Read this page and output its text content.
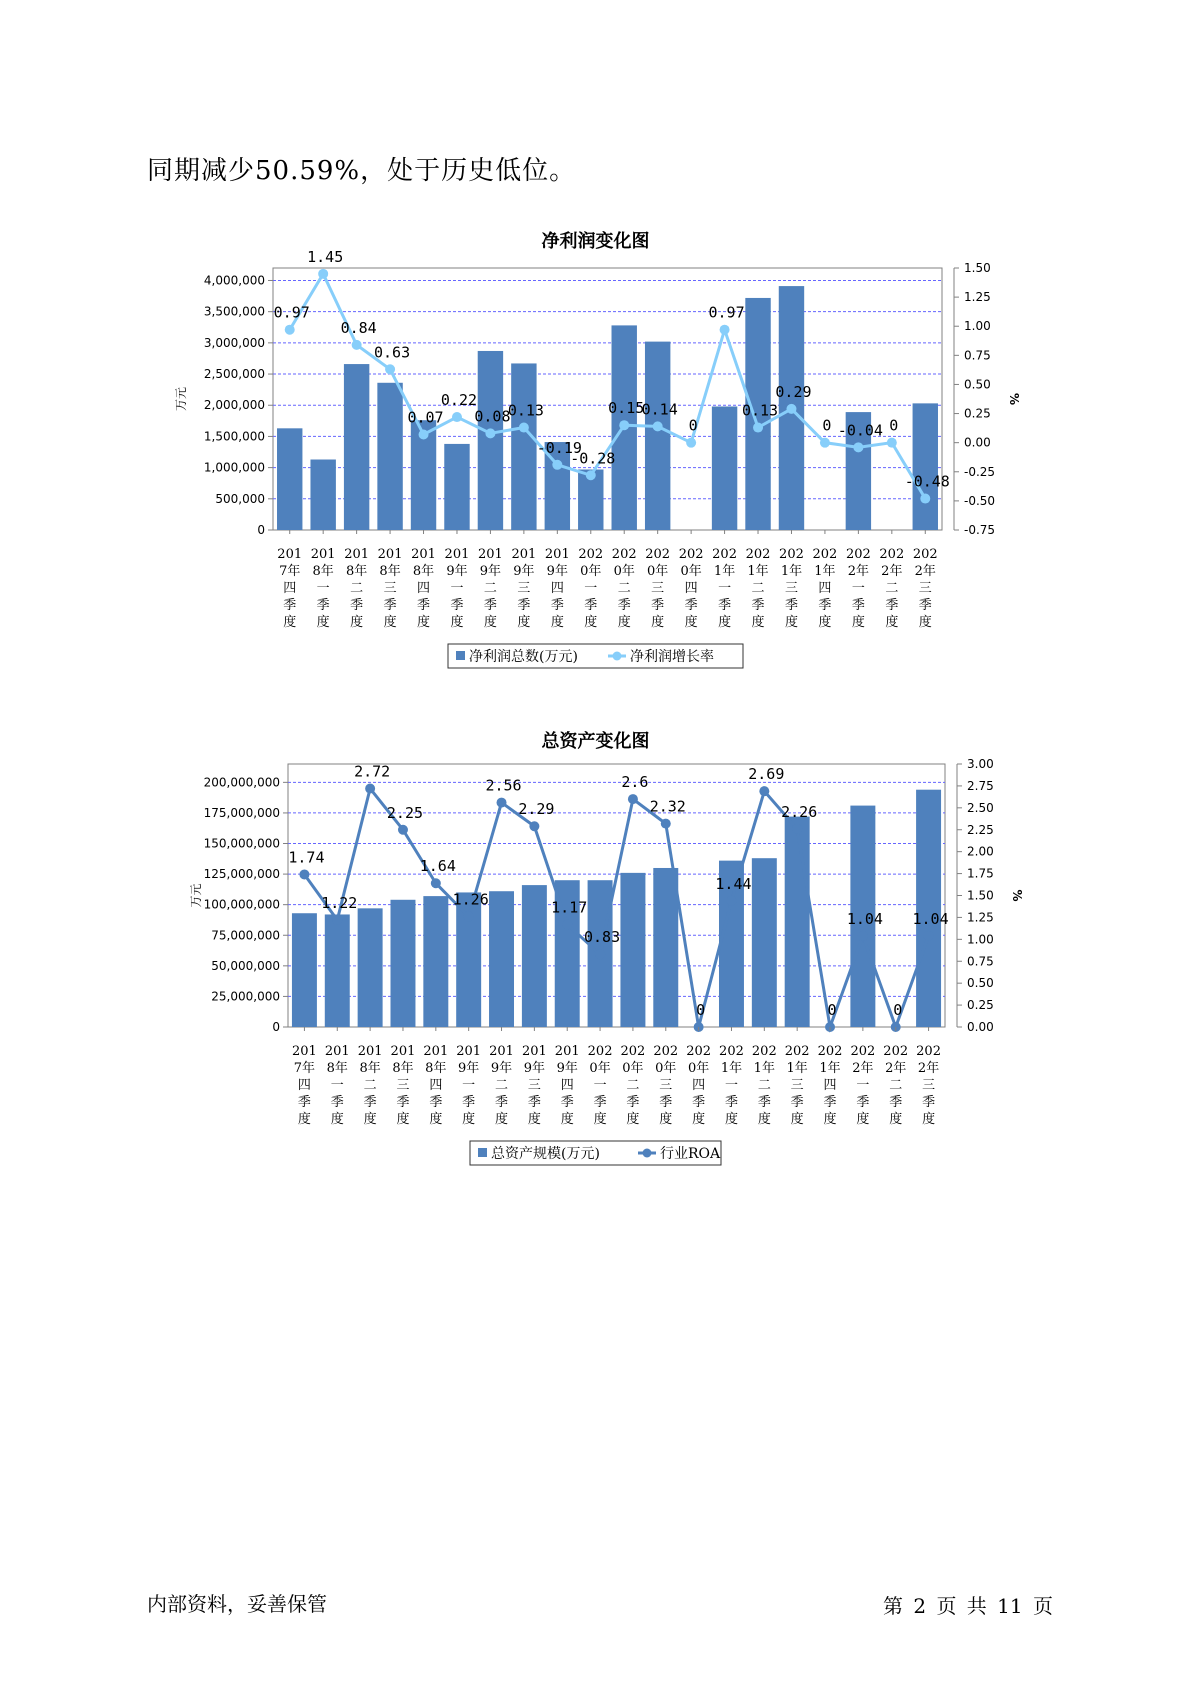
同期减少50.59%，处于历史低位。
净利润变化图
0
500,000
1,000,000
1,500,000
2,000,000
2,500,000
3,000,000
3,500,000
4,000,000
-0.75
-0.50
-0.25
0.00
0.25
0.50
0.75
1.00
1.25
1.50
万元	%
0.97
1.45
0.84
0.63
0.07
0.22
0.08
0.13
-0.19
-0.28
0.15
0.14
0
0.97
0.13
0.29
0 -0.04 0
-0.48
201
7年
四
季
度
201
8年
一
季
度
201
8年
二
季
度
201
8年
三
季
度
201
8年
四
季
度
201
9年
一
季
度
201
9年
二
季
度
201
9年
三
季
度
201
9年
四
季
度
202
0年
一
季
度
202
0年
二
季
度
202
0年
三
季
度
202
0年
四
季
度
202
1年
一
季
度
202
1年
二
季
度
202
1年
三
季
度
202
1年
四
季
度
202
2年
一
季
度
202
2年
二
季
度
202
2年
三
季
度
净利润总数(万元)	净利润增长率
总资产变化图
0
25,000,000
50,000,000
75,000,000
100,000,000
125,000,000
150,000,000
175,000,000
200,000,000
0.00
0.25
0.50
0.75
1.00
1.25
1.50
1.75
2.00
2.25
2.50
2.75
3.00
万元	%
1.74
1.22
2.72
2.25
1.64
1.26
2.56
2.29
1.17
0.83
2.6
2.32
0
1.44
2.69
2.26
0
1.04
0
1.04
201
7年
四
季
度
201
8年
一
季
度
201
8年
二
季
度
201
8年
三
季
度
201
8年
四
季
度
201
9年
一
季
度
201
9年
二
季
度
201
9年
三
季
度
201
9年
四
季
度
202
0年
一
季
度
202
0年
二
季
度
202
0年
三
季
度
202
0年
四
季
度
202
1年
一
季
度
202
1年
二
季
度
202
1年
三
季
度
202
1年
四
季
度
202
2年
一
季
度
202
2年
二
季
度
202
2年
三
季
度
总资产规模(万元)	行业ROA
内部资料，妥善保管	第 2 页 共 11 页
